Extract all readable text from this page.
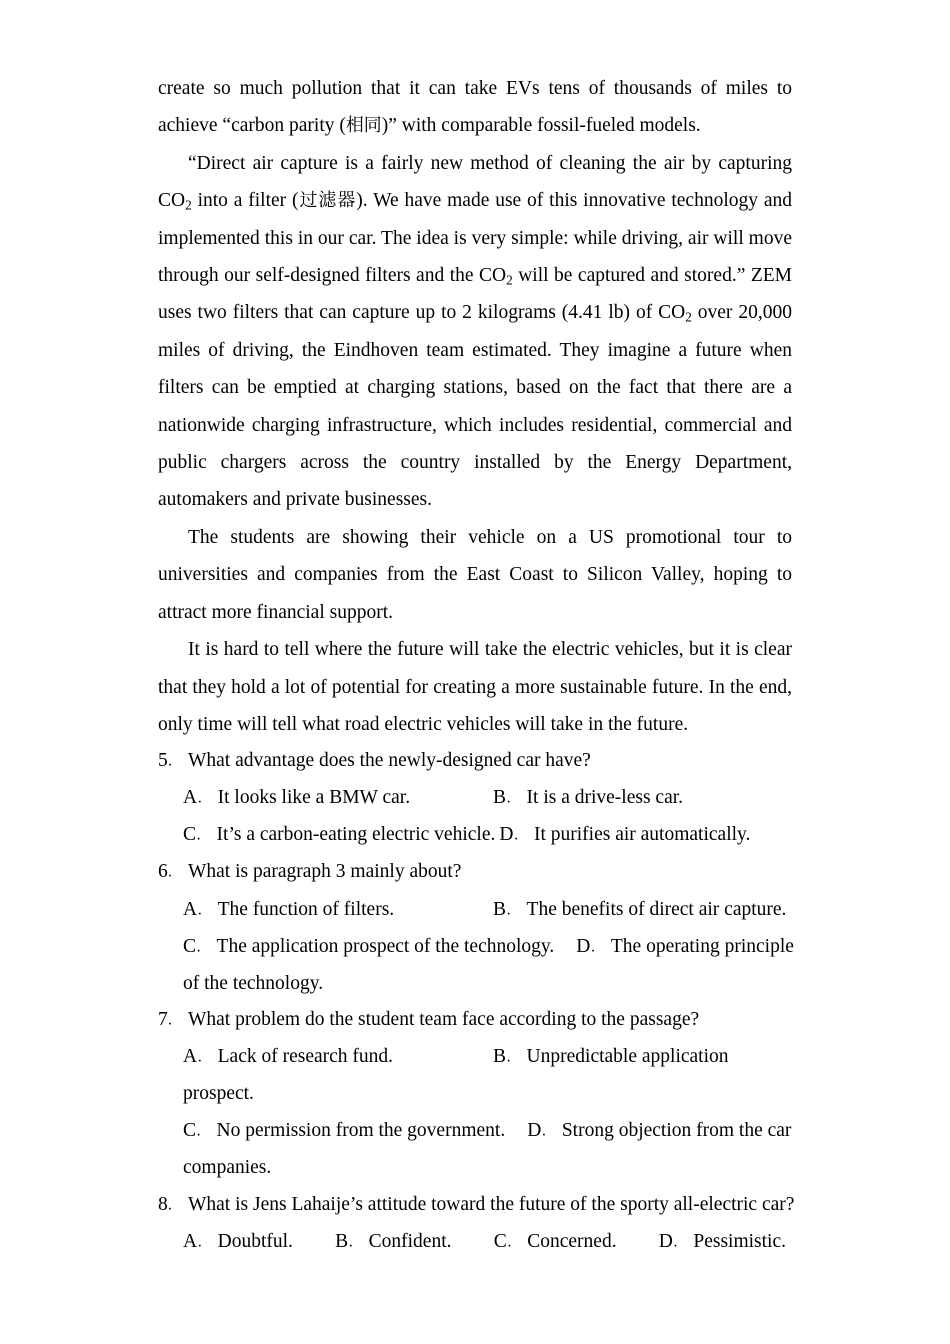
create so much pollution that it can take EVs tens of thousands of miles to achieve “carbon parity (相同)” with comparable fossil-fueled models.

“Direct air capture is a fairly new method of cleaning the air by capturing $CO_2$ into a filter (过滤器). We have made use of this innovative technology and implemented this in our car. The idea is very simple: while driving, air will move through our self-designed filters and the $CO_2$ will be captured and stored.” ZEM uses two filters that can capture up to 2 kilograms (4.41 lb) of $CO_2$ over 20,000 miles of driving, the Eindhoven team estimated. They imagine a future when filters can be emptied at charging stations, based on the fact that there are a nationwide charging infrastructure, which includes residential, commercial and public chargers across the country installed by the Energy Department, automakers and private businesses.

The students are showing their vehicle on a US promotional tour to universities and companies from the East Coast to Silicon Valley, hoping to attract more financial support.

It is hard to tell where the future will take the electric vehicles, but it is clear that they hold a lot of potential for creating a more sustainable future. In the end, only time will tell what road electric vehicles will take in the future.

5． What advantage does the newly-designed car have?

A． It looks like a BMW car.	B． It is a drive-less car.

C． It’s a carbon-eating electric vehicle. D． It purifies air automatically.

6． What is paragraph 3 mainly about?

A． The function of filters.	B． The benefits of direct air capture.

C． The application prospect of the technology. D． The operating principle

of the technology.

7． What problem do the student team face according to the passage?

A． Lack of research fund.	B． Unpredictable application

prospect.

C． No permission from the government. D． Strong objection from the car

companies.

8． What is Jens Lahaije’s attitude toward the future of the sporty all-electric car?

A． Doubtful. B． Confident. C． Concerned. D． Pessimistic.
